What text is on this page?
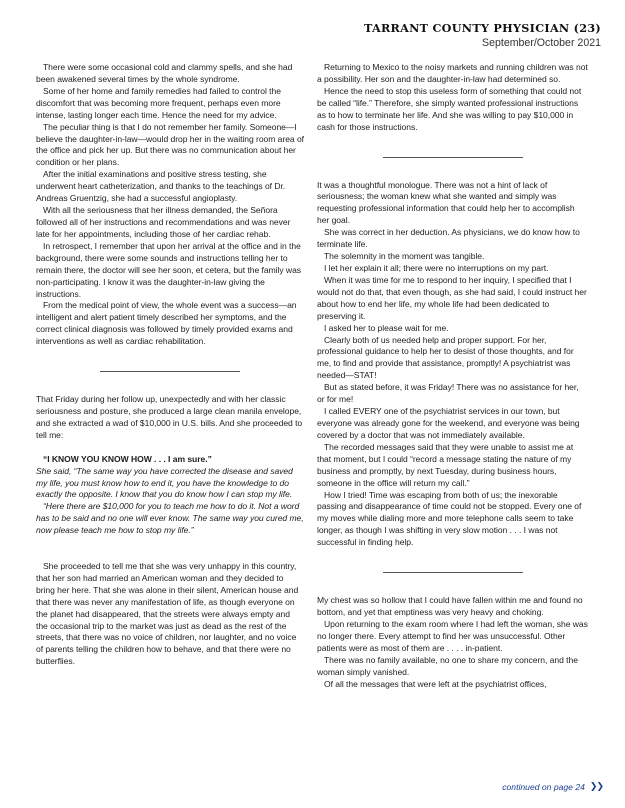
TARRANT COUNTY PHYSICIAN (23)
September/October 2021

There were some occasional cold and clammy spells, and she had been awakened several times by the whole syndrome.

Some of her home and family remedies had failed to control the discomfort that was becoming more frequent, perhaps even more intense, lasting longer each time. Hence the need for my advice.

The peculiar thing is that I do not remember her family. Someone—I believe the daughter-in-law—would drop her in the waiting room area of the office and pick her up. But there was no communication about her condition or her plans.

After the initial examinations and positive stress testing, she underwent heart catheterization, and thanks to the teachings of Dr. Andreas Gruentzig, she had a successful angioplasty.

With all the seriousness that her illness demanded, the Señora followed all of her instructions and recommendations and was never late for her appointments, including those of her cardiac rehab.

In retrospect, I remember that upon her arrival at the office and in the background, there were some sounds and instructions telling her to remain there, the doctor will see her soon, et cetera, but the family was non-participating. I know it was the daughter-in-law giving the instructions.

From the medical point of view, the whole event was a success—an intelligent and alert patient timely described her symptoms, and the correct clinical diagnosis was followed by timely provided exams and interventions as well as cardiac rehabilitation.

That Friday during her follow up, unexpectedly and with her classic seriousness and posture, she produced a large clean manila envelope, and she extracted a wad of $10,000 in U.S. bills. And she proceeded to tell me:

“I KNOW YOU KNOW HOW . . . I am sure.”

She said, “The same way you have corrected the disease and saved my life, you must know how to end it, you have the knowledge to do exactly the opposite. I know that you do know how I can stop my life.

“Here there are $10,000 for you to teach me how to do it. Not a word has to be said and no one will ever know. The same way you cured me, now please teach me how to stop my life.”

She proceeded to tell me that she was very unhappy in this country, that her son had married an American woman and they decided to bring her here. That she was alone in their silent, American house and that there was never any manifestation of life, as though everyone on the planet had disappeared, that the streets were always empty and the occasional trip to the market was just as dead as the rest of the streets, that there was no voice of children, nor laughter, and no voice of parents telling the children how to behave, and that there were no butterflies.

Returning to Mexico to the noisy markets and running children was not a possibility. Her son and the daughter-in-law had determined so.

Hence the need to stop this useless form of something that could not be called “life.” Therefore, she simply wanted professional instructions as to how to terminate her life. And she was willing to pay $10,000 in cash for those instructions.

It was a thoughtful monologue. There was not a hint of lack of seriousness; the woman knew what she wanted and simply was requesting professional information that could help her to accomplish her goal.

She was correct in her deduction. As physicians, we do know how to terminate life.

The solemnity in the moment was tangible.

I let her explain it all; there were no interruptions on my part.

When it was time for me to respond to her inquiry, I specified that I would not do that, that even though, as she had said, I could instruct her about how to end her life, my whole life had been dedicated to preserving it.

I asked her to please wait for me.

Clearly both of us needed help and proper support. For her, professional guidance to help her to desist of those thoughts, and for me, to find and provide that assistance, promptly! A psychiatrist was needed—STAT!

But as stated before, it was Friday! There was no assistance for her, or for me!

I called EVERY one of the psychiatrist services in our town, but everyone was already gone for the weekend, and everyone was being covered by a doctor that was not immediately available.

The recorded messages said that they were unable to assist me at that moment, but I could “record a message stating the nature of my business and promptly, by next Tuesday, during business hours, someone in the office will return my call.”

How I tried! Time was escaping from both of us; the inexorable passing and disappearance of time could not be stopped. Every one of my moves while dialing more and more telephone calls seem to take longer, as though I was shifting in very slow motion . . . I was not successful in finding help.

My chest was so hollow that I could have fallen within me and found no bottom, and yet that emptiness was very heavy and choking.

Upon returning to the exam room where I had left the woman, she was no longer there. Every attempt to find her was unsuccessful. Other patients were as most of them are . . . . in-patient.

There was no family available, no one to share my concern, and the woman simply vanished.

Of all the messages that were left at the psychiatrist offices,

continued on page 24 ❯❯
